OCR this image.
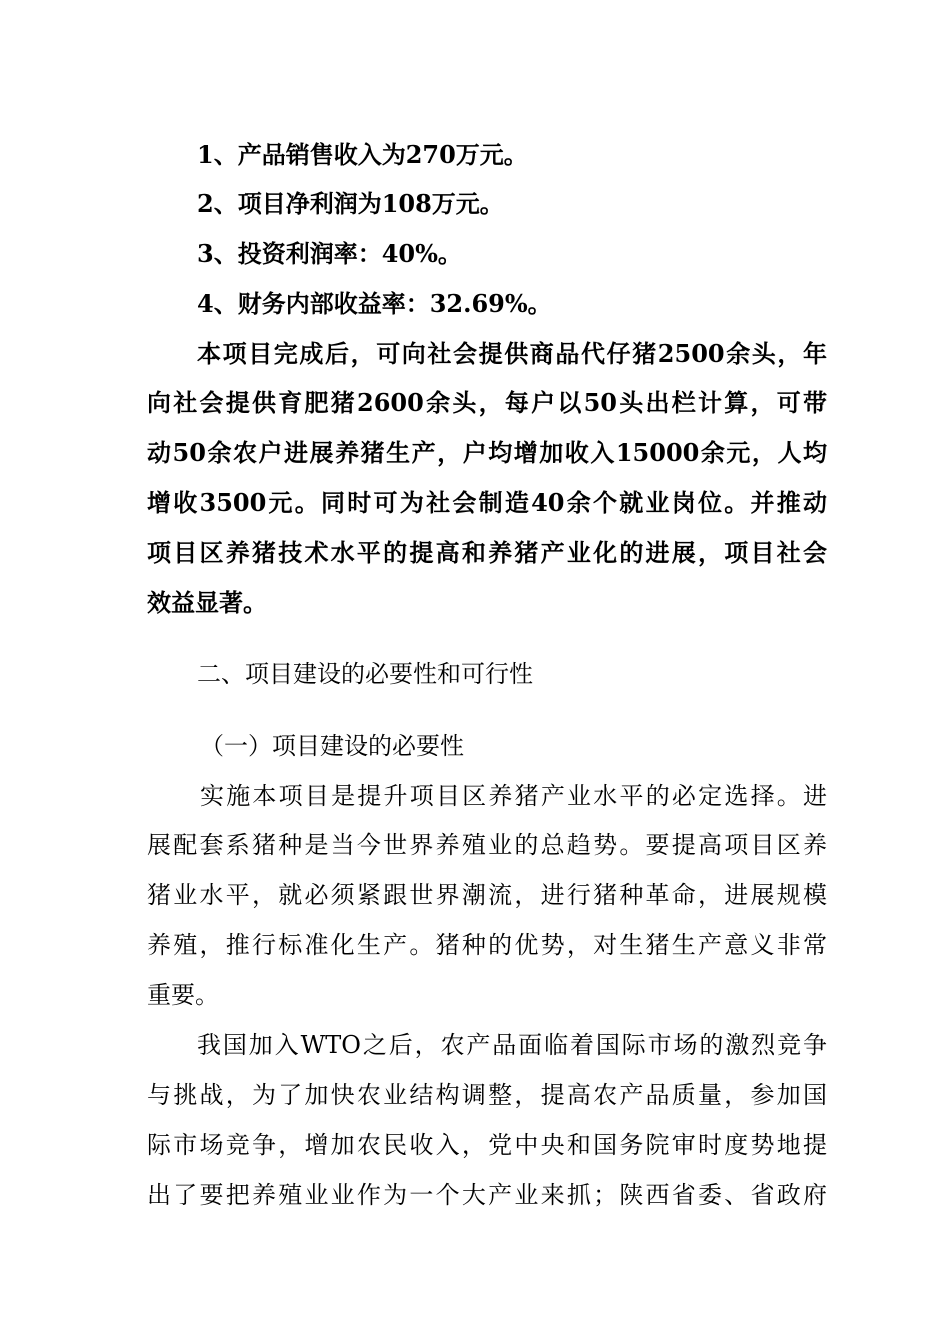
1、产品销售收入为270万元。
2、项目净利润为108万元。
3、投资利润率：40%。
4、财务内部收益率：32.69%。
本项目完成后，可向社会提供商品代仔猪2500余头，年
向社会提供育肥猪2600余头，每户以50头出栏计算，可带
动50余农户进展养猪生产，户均增加收入15000余元，人均
增收3500元。同时可为社会制造40余个就业岗位。并推动
项目区养猪技术水平的提高和养猪产业化的进展，项目社会
效益显著。
二、项目建设的必要性和可行性
（一）项目建设的必要性
实施本项目是提升项目区养猪产业水平的必定选择。进
展配套系猪种是当今世界养殖业的总趋势。要提高项目区养
猪业水平，就必须紧跟世界潮流，进行猪种革命，进展规模
养殖，推行标准化生产。猪种的优势，对生猪生产意义非常
重要。
我国加入WTO之后，农产品面临着国际市场的激烈竞争
与挑战，为了加快农业结构调整，提高农产品质量，参加国
际市场竞争，增加农民收入，党中央和国务院审时度势地提
出了要把养殖业业作为一个大产业来抓；陕西省委、省政府
